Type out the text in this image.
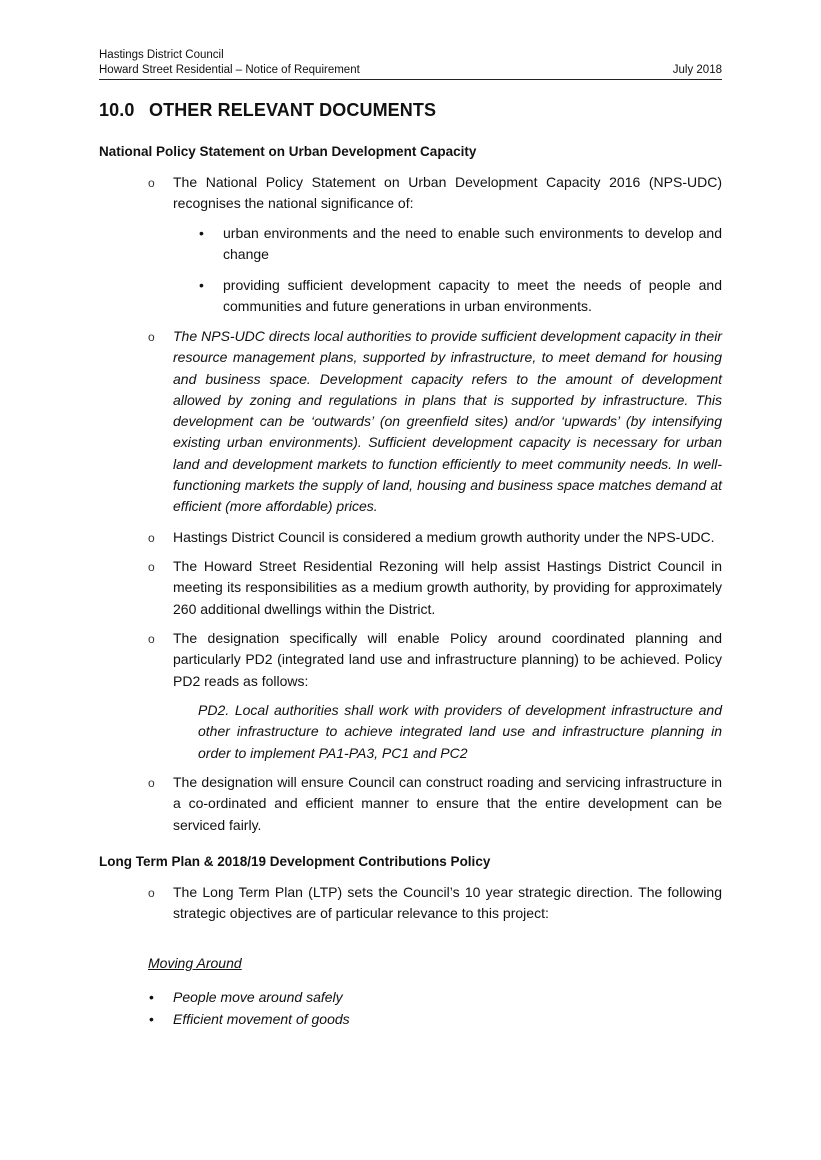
Hastings District Council
Howard Street Residential – Notice of Requirement	July 2018
10.0 OTHER RELEVANT DOCUMENTS
National Policy Statement on Urban Development Capacity
o The National Policy Statement on Urban Development Capacity 2016 (NPS-UDC) recognises the national significance of:
• urban environments and the need to enable such environments to develop and change
• providing sufficient development capacity to meet the needs of people and communities and future generations in urban environments.
o The NPS-UDC directs local authorities to provide sufficient development capacity in their resource management plans, supported by infrastructure, to meet demand for housing and business space. Development capacity refers to the amount of development allowed by zoning and regulations in plans that is supported by infrastructure. This development can be ‘outwards’ (on greenfield sites) and/or ‘upwards’ (by intensifying existing urban environments). Sufficient development capacity is necessary for urban land and development markets to function efficiently to meet community needs. In well-functioning markets the supply of land, housing and business space matches demand at efficient (more affordable) prices.
o Hastings District Council is considered a medium growth authority under the NPS-UDC.
o The Howard Street Residential Rezoning will help assist Hastings District Council in meeting its responsibilities as a medium growth authority, by providing for approximately 260 additional dwellings within the District.
o The designation specifically will enable Policy around coordinated planning and particularly PD2 (integrated land use and infrastructure planning) to be achieved. Policy PD2 reads as follows:
PD2. Local authorities shall work with providers of development infrastructure and other infrastructure to achieve integrated land use and infrastructure planning in order to implement PA1-PA3, PC1 and PC2
o The designation will ensure Council can construct roading and servicing infrastructure in a co-ordinated and efficient manner to ensure that the entire development can be serviced fairly.
Long Term Plan & 2018/19 Development Contributions Policy
o The Long Term Plan (LTP) sets the Council’s 10 year strategic direction. The following strategic objectives are of particular relevance to this project:
Moving Around
• People move around safely
• Efficient movement of goods
